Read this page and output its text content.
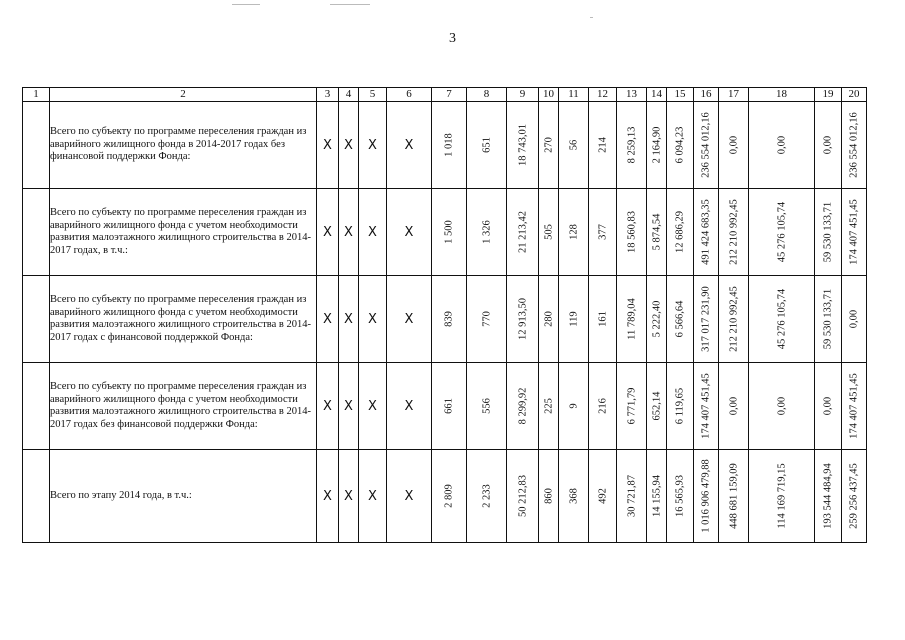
3
1	2	3	4	5	6	7	8	9	10	11	12	13	14	15	16	17	18	19	20
	Всего по субъекту по программе переселения граждан из аварийного жилищного фонда в 2014-2017 годах без финансовой поддержки Фонда:	X	X	X	X	1 018	651	18 743,01	270	56	214	8 259,13	2 164,90	6 094,23	236 554 012,16	0,00	0,00	0,00	236 554 012,16

	Всего по субъекту по программе переселения граждан из аварийного жилищного фонда с учетом необходимости развития малоэтажного жилищного строительства в 2014-2017 годах, в т.ч.:	X	X	X	X	1 500	1 326	21 213,42	505	128	377	18 560,83	5 874,54	12 686,29	491 424 683,35	212 210 992,45	45 276 105,74	59 530 133,71	174 407 451,45

	Всего по субъекту по программе переселения граждан из аварийного жилищного фонда с учетом необходимости развития малоэтажного жилищного строительства в 2014-2017 годах с финансовой поддержкой Фонда:	X	X	X	X	839	770	12 913,50	280	119	161	11 789,04	5 222,40	6 566,64	317 017 231,90	212 210 992,45	45 276 105,74	59 530 133,71	0,00

	Всего по субъекту по программе переселения граждан из аварийного жилищного фонда с учетом необходимости развития малоэтажного жилищного строительства в 2014-2017 годах без финансовой поддержки Фонда:	X	X	X	X	661	556	8 299,92	225	9	216	6 771,79	652,14	6 119,65	174 407 451,45	0,00	0,00	0,00	174 407 451,45

	Всего по этапу 2014 года, в т.ч.:	X	X	X	X	2 809	2 233	50 212,83	860	368	492	30 721,87	14 155,94	16 565,93	1 016 906 479,88	448 681 159,09	114 169 719,15	193 544 484,94	259 256 437,45
